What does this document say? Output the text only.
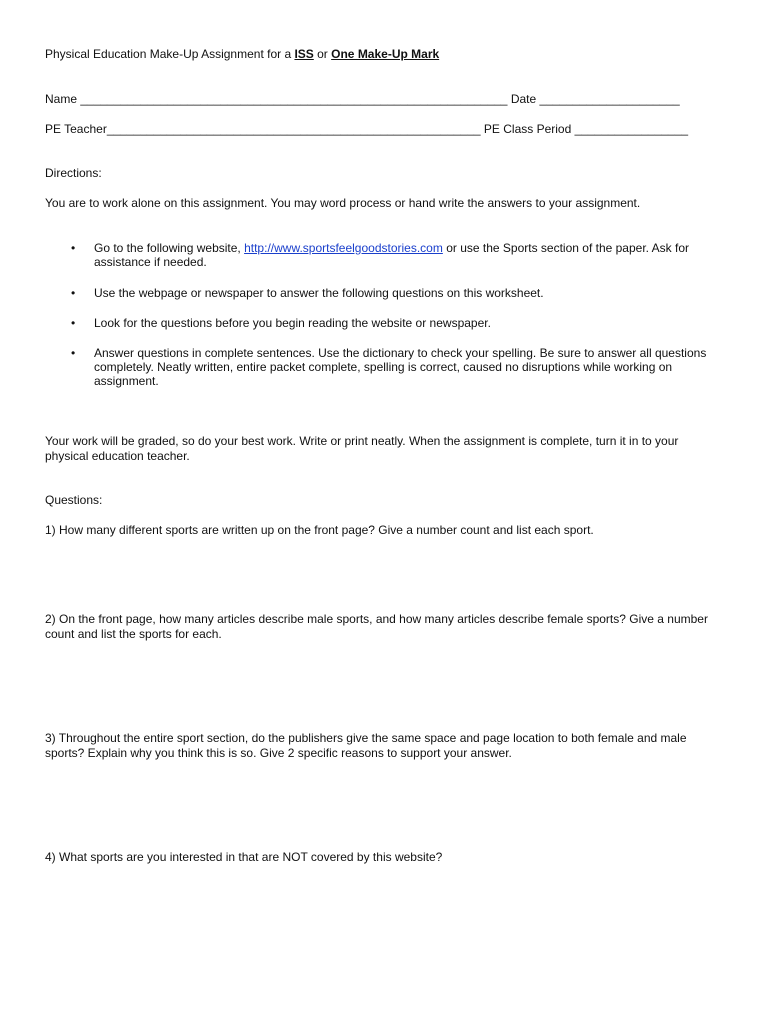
Physical Education Make-Up Assignment for a ISS or One Make-Up Mark
Name ________________________________________________________________ Date _____________________
PE Teacher________________________________________________________ PE Class Period _________________
Directions:
You are to work alone on this assignment. You may word process or hand write the answers to your assignment.
• Go to the following website, http://www.sportsfeelgoodstories.com or use the Sports section of the paper. Ask for assistance if needed.
• Use the webpage or newspaper to answer the following questions on this worksheet.
• Look for the questions before you begin reading the website or newspaper.
• Answer questions in complete sentences. Use the dictionary to check your spelling. Be sure to answer all questions completely. Neatly written, entire packet complete, spelling is correct, caused no disruptions while working on assignment.
Your work will be graded, so do your best work. Write or print neatly. When the assignment is complete, turn it in to your physical education teacher.
Questions:
1) How many different sports are written up on the front page? Give a number count and list each sport.
2) On the front page, how many articles describe male sports, and how many articles describe female sports? Give a number count and list the sports for each.
3) Throughout the entire sport section, do the publishers give the same space and page location to both female and male sports? Explain why you think this is so. Give 2 specific reasons to support your answer.
4) What sports are you interested in that are NOT covered by this website?
